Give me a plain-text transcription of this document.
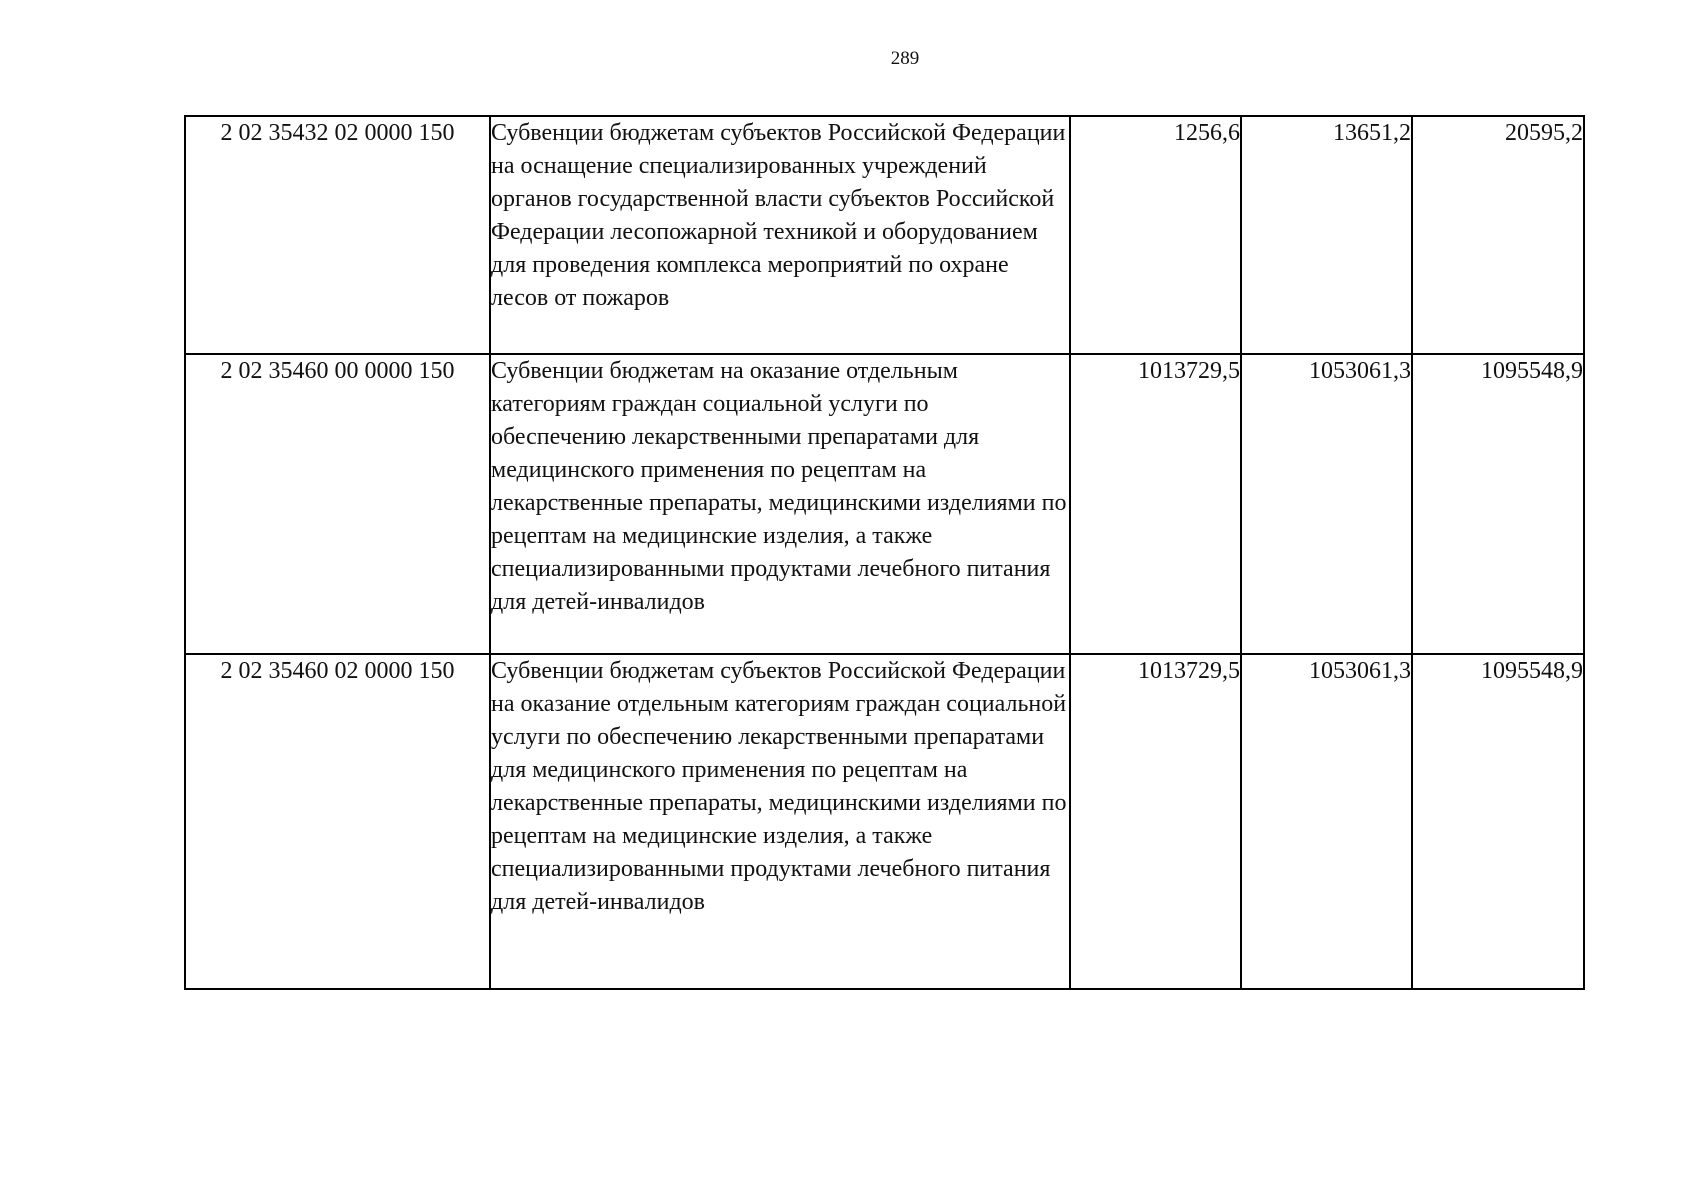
289
2 02 35432 02 0000 150	Субвенции бюджетам субъектов Российской Федерации на оснащение специализированных учреждений органов государственной власти субъектов Российской Федерации лесопожарной техникой и оборудованием для проведения комплекса мероприятий по охране лесов от пожаров	1256,6	13651,2	20595,2
2 02 35460 00 0000 150	Субвенции бюджетам на оказание отдельным категориям граждан социальной услуги по обеспечению лекарственными препаратами для медицинского применения по рецептам на лекарственные препараты, медицинскими изделиями по рецептам на медицинские изделия, а также специализированными продуктами лечебного питания для детей-инвалидов	1013729,5	1053061,3	1095548,9
2 02 35460 02 0000 150	Субвенции бюджетам субъектов Российской Федерации на оказание отдельным категориям граждан социальной услуги по обеспечению лекарственными препаратами для медицинского применения по рецептам на лекарственные препараты, медицинскими изделиями по рецептам на медицинские изделия, а также специализированными продуктами лечебного питания для детей-инвалидов	1013729,5	1053061,3	1095548,9
